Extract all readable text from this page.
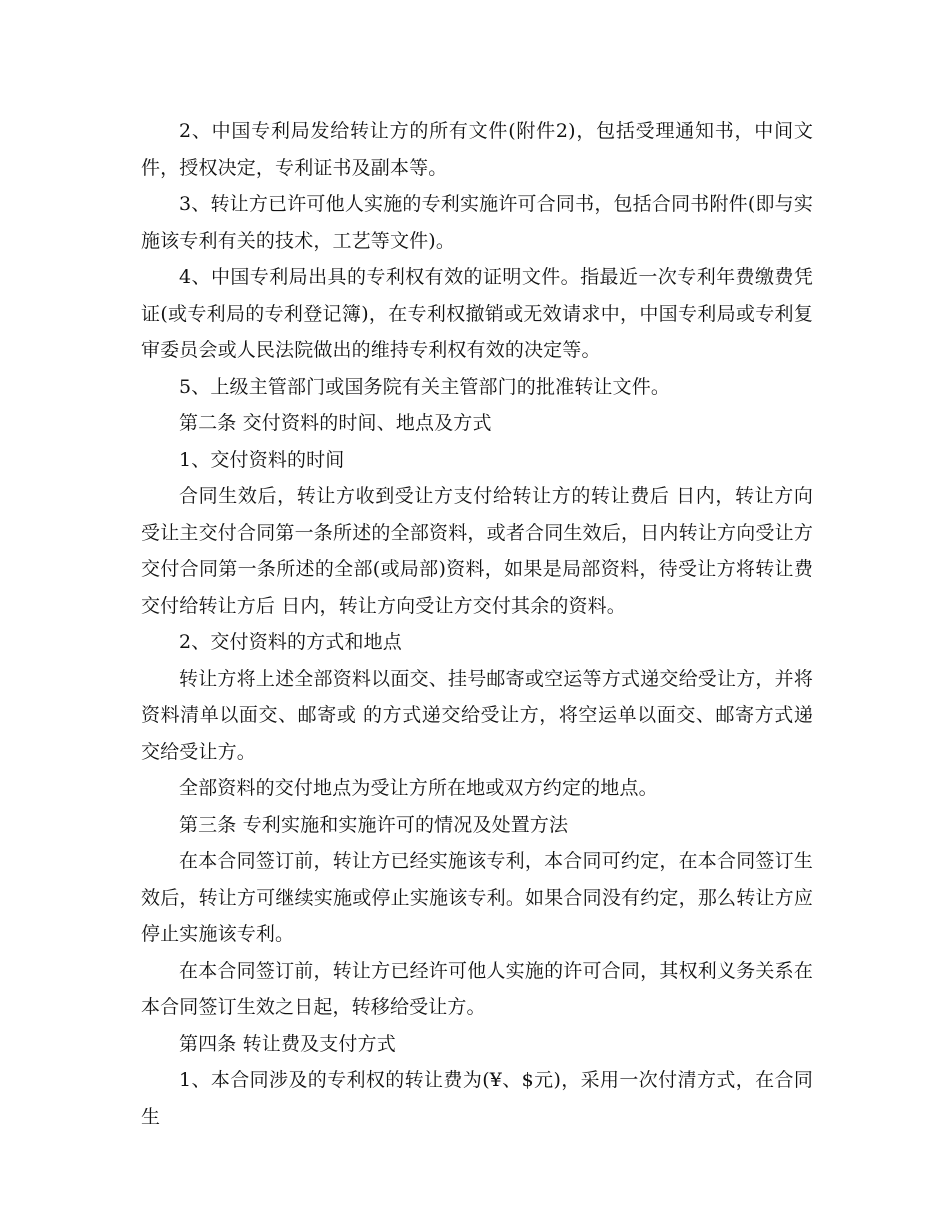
2、中国专利局发给转让方的所有文件(附件2)，包括受理通知书，中间文件，授权决定，专利证书及副本等。

3、转让方已许可他人实施的专利实施许可合同书，包括合同书附件(即与实施该专利有关的技术，工艺等文件)。

4、中国专利局出具的专利权有效的证明文件。指最近一次专利年费缴费凭证(或专利局的专利登记簿)，在专利权撤销或无效请求中，中国专利局或专利复审委员会或人民法院做出的维持专利权有效的决定等。

5、上级主管部门或国务院有关主管部门的批准转让文件。

第二条 交付资料的时间、地点及方式

1、交付资料的时间

合同生效后，转让方收到受让方支付给转让方的转让费后 日内，转让方向受让主交付合同第一条所述的全部资料，或者合同生效后，日内转让方向受让方交付合同第一条所述的全部(或局部)资料，如果是局部资料，待受让方将转让费交付给转让方后 日内，转让方向受让方交付其余的资料。

2、交付资料的方式和地点

转让方将上述全部资料以面交、挂号邮寄或空运等方式递交给受让方，并将资料清单以面交、邮寄或 的方式递交给受让方，将空运单以面交、邮寄方式递交给受让方。

全部资料的交付地点为受让方所在地或双方约定的地点。

第三条 专利实施和实施许可的情况及处置方法

在本合同签订前，转让方已经实施该专利，本合同可约定，在本合同签订生效后，转让方可继续实施或停止实施该专利。如果合同没有约定，那么转让方应停止实施该专利。

在本合同签订前，转让方已经许可他人实施的许可合同，其权利义务关系在本合同签订生效之日起，转移给受让方。

第四条 转让费及支付方式

1、本合同涉及的专利权的转让费为(¥、$元)，采用一次付清方式，在合同生
